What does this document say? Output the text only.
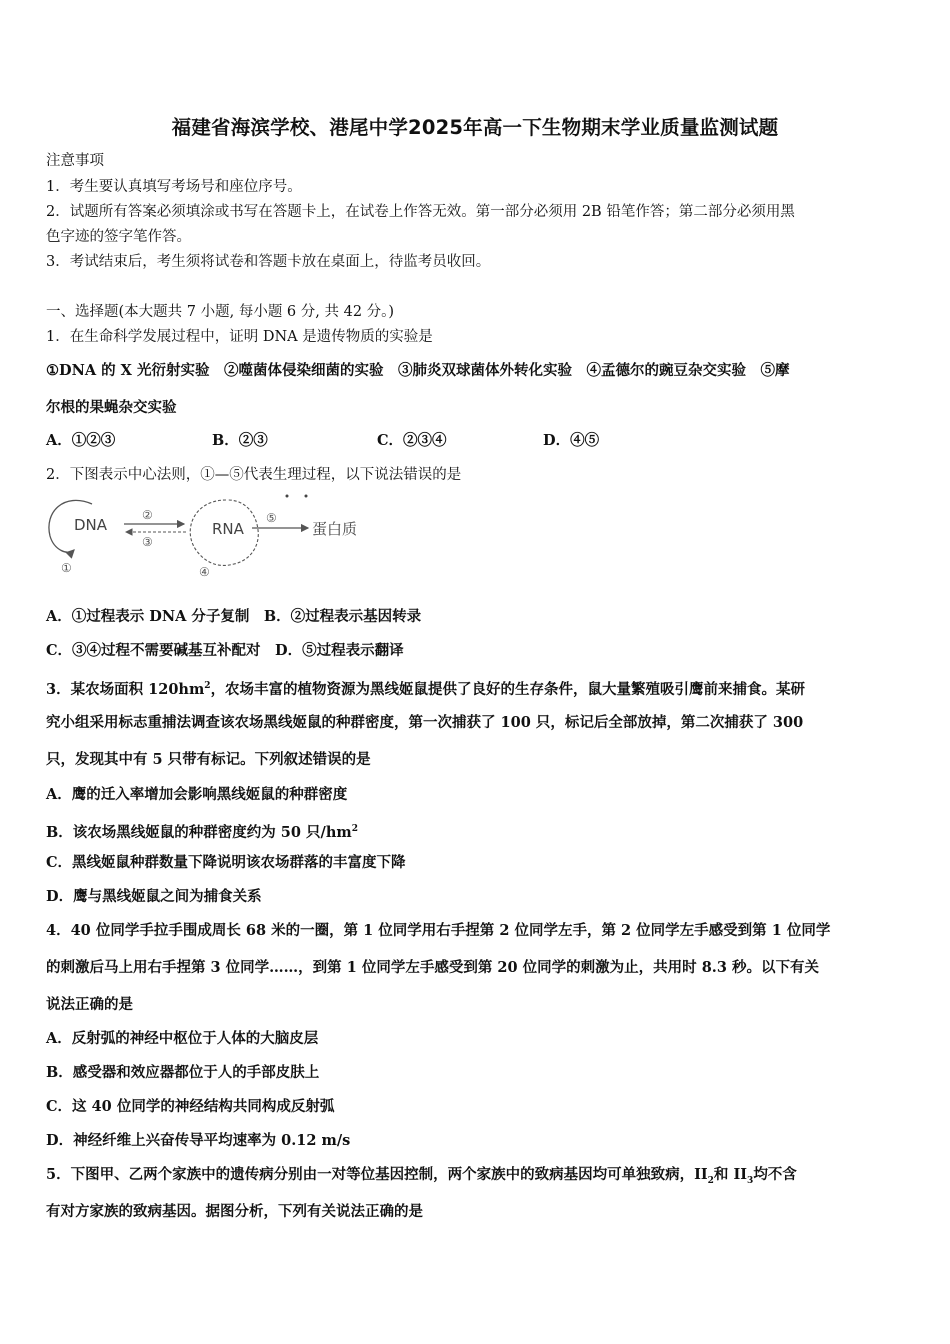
福建省海滨学校、港尾中学2025年高一下生物期末学业质量监测试题
注意事项
1．考生要认真填写考场号和座位序号。
2．试题所有答案必须填涂或书写在答题卡上，在试卷上作答无效。第一部分必须用 2B 铅笔作答；第二部分必须用黑
色字迹的签字笔作答。
3．考试结束后，考生须将试卷和答题卡放在桌面上，待监考员收回。
一、选择题(本大题共 7 小题, 每小题 6 分, 共 42 分。)
1．在生命科学发展过程中，证明 DNA 是遗传物质的实验是
①DNA 的 X 光衍射实验　②噬菌体侵染细菌的实验　③肺炎双球菌体外转化实验　④孟德尔的豌豆杂交实验　⑤摩
尔根的果蝇杂交实验
A．①②③	B．②③	C．②③④	D．④⑤
2．下图表示中心法则，①—⑤代表生理过程，以下说法错误的是
DNA
①
②
③
RNA
④
⑤
蛋白质
A．①过程表示 DNA 分子复制　B．②过程表示基因转录
C．③④过程不需要碱基互补配对　D．⑤过程表示翻译
3．某农场面积 $120hm^2$，农场丰富的植物资源为黑线姬鼠提供了良好的生存条件，鼠大量繁殖吸引鹰前来捕食。某研
究小组采用标志重捕法调查该农场黑线姬鼠的种群密度，第一次捕获了 100 只，标记后全部放掉，第二次捕获了 300
只，发现其中有 5 只带有标记。下列叙述错误的是
A．鹰的迁入率增加会影响黑线姬鼠的种群密度
B．该农场黑线姬鼠的种群密度约为 50 只$/hm^2$
C．黑线姬鼠种群数量下降说明该农场群落的丰富度下降
D．鹰与黑线姬鼠之间为捕食关系
4．40 位同学手拉手围成周长 68 米的一圈，第 1 位同学用右手捏第 2 位同学左手，第 2 位同学左手感受到第 1 位同学
的刺激后马上用右手捏第 3 位同学……，到第 1 位同学左手感受到第 20 位同学的刺激为止，共用时 8.3 秒。以下有关
说法正确的是
A．反射弧的神经中枢位于人体的大脑皮层
B．感受器和效应器都位于人的手部皮肤上
C．这 40 位同学的神经结构共同构成反射弧
D．神经纤维上兴奋传导平均速率为 0.12 m/s
5．下图甲、乙两个家族中的遗传病分别由一对等位基因控制，两个家族中的致病基因均可单独致病，$II_2$和 $II_3$均不含
有对方家族的致病基因。据图分析，下列有关说法正确的是
